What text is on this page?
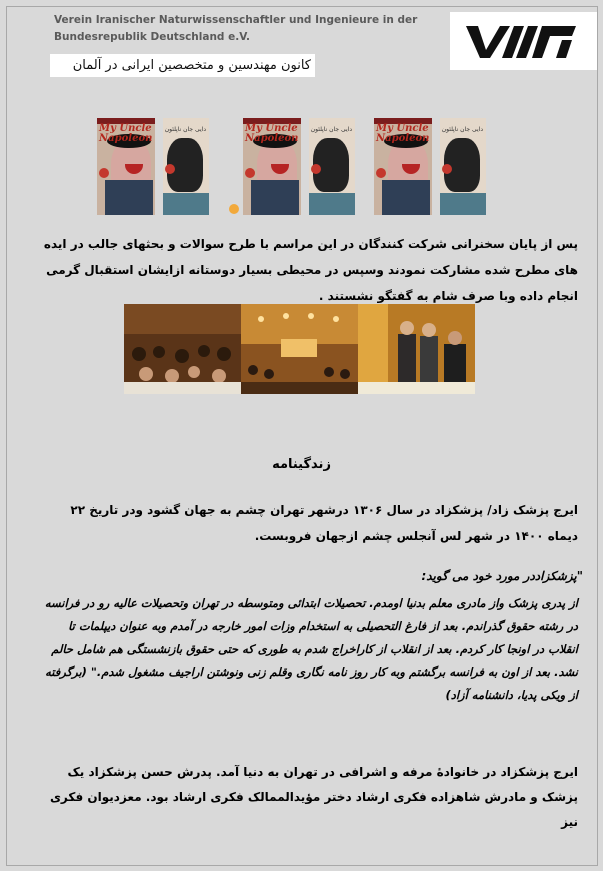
Verein Iranischer Naturwissenschaftler und Ingenieure in der
Bundesrepublik Deutschland e.V.
کانون مهندسین و متخصصین ایرانی در آلمان
My Uncle
Napoleon
دایی جان ناپلئون	My Uncle
Napoleon
دایی جان ناپلئون My Uncle
Napoleon
دایی جان ناپلئون
پس از پایان سخنرانی شرکت کنندگان در این مراسم با طرح سوالات و بحثهای جالب در ایده های مطرح شده مشارکت نمودند وسپس در محیطی بسیار دوستانه ازایشان استقبال گرمی انجام داده وبا صرف شام به گفتگو نشستند .
زندگینامه
ایرج پزشک زاد/ پزشکزاد در سال ۱۳۰۶ درشهر تهران چشم به جهان گشود ودر تاریخ ۲۲ دیماه ۱۴۰۰ در شهر لس آنجلس چشم ازجهان فروبست.
"پزشکزاددر مورد خود می گوید:
از پدری پزشک واز مادری معلم بدنیا اومدم. تحصیلات ابتدائی ومتوسطه در تهران وتحصیلات عالیه رو در فرانسه در رشته حقوق گذراندم. بعد از فارغ التحصیلی به استخدام وزات امور خارجه در آمدم وبه عنوان دیپلمات تا انقلاب در اونجا کار کردم. بعد از انقلاب از کاراخراج شدم به طوری که حتی حقوق بازنشستگی هم شامل حالم نشد. بعد از اون به فرانسه برگشتم وبه کار روز نامه نگاری وقلم زنی ونوشتن اراجیف مشغول شدم." (برگرفته از ویکی پدیا، دانشنامه آزاد)
ایرج پزشکزاد در خانوادهٔ مرفه و اشرافی در تهران به دنیا آمد. پدرش حسن پزشکزاد یک پزشک و مادرش شاهزاده فکری ارشاد دختر مؤیدالممالک فکری ارشاد بود. معزدیوان فکری نیز
